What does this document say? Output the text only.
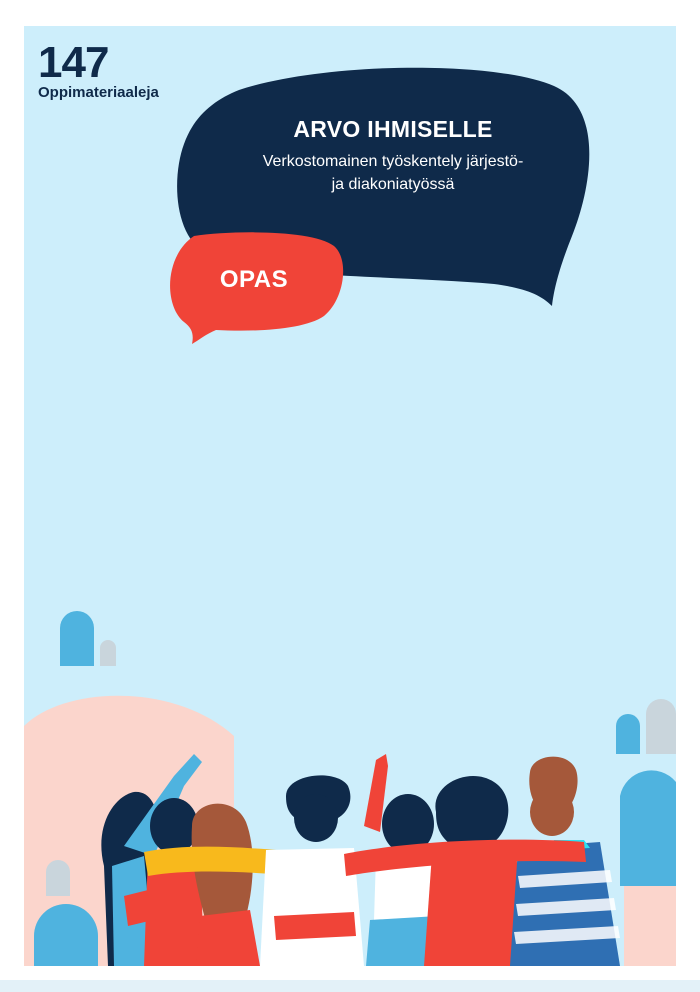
147
Oppimateriaaleja
ARVO IHMISELLE
Verkostomainen työskentely järjestö-
ja diakoniatyössä
OPAS
